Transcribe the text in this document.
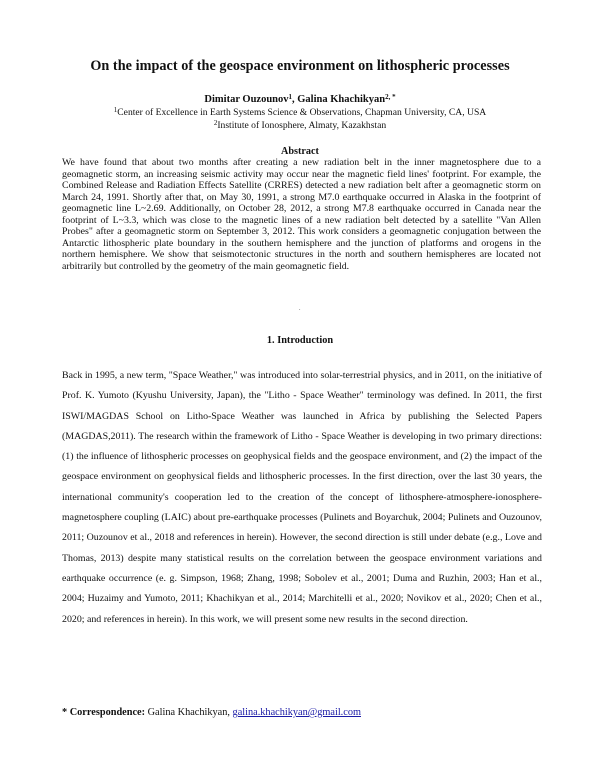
On the impact of the geospace environment on lithospheric processes
Dimitar Ouzounov$^1$, Galina Khachikyan$^{2, *}$
$^1$Center of Excellence in Earth Systems Science & Observations, Chapman University, CA, USA
$^2$Institute of Ionosphere, Almaty, Kazakhstan
Abstract

We have found that about two months after creating a new radiation belt in the inner magnetosphere due to a geomagnetic storm, an increasing seismic activity may occur near the magnetic field lines' footprint. For example, the Combined Release and Radiation Effects Satellite (CRRES) detected a new radiation belt after a geomagnetic storm on March 24, 1991. Shortly after that, on May 30, 1991, a strong M7.0 earthquake occurred in Alaska in the footprint of geomagnetic line L~2.69. Additionally, on October 28, 2012, a strong M7.8 earthquake occurred in Canada near the footprint of L~3.3, which was close to the magnetic lines of a new radiation belt detected by a satellite "Van Allen Probes" after a geomagnetic storm on September 3, 2012. This work considers a geomagnetic conjugation between the Antarctic lithospheric plate boundary in the southern hemisphere and the junction of platforms and orogens in the northern hemisphere. We show that seismotectonic structures in the north and southern hemispheres are located not arbitrarily but controlled by the geometry of the main geomagnetic field.

.
1. Introduction

Back in 1995, a new term, "Space Weather," was introduced into solar-terrestrial physics, and in 2011, on the initiative of Prof. K. Yumoto (Kyushu University, Japan), the "Litho - Space Weather" terminology was defined. In 2011, the first ISWI/MAGDAS School on Litho-Space Weather was launched in Africa by publishing the Selected Papers (MAGDAS,2011). The research within the framework of Litho - Space Weather is developing in two primary directions: (1) the influence of lithospheric processes on geophysical fields and the geospace environment, and (2) the impact of the geospace environment on geophysical fields and lithospheric processes. In the first direction, over the last 30 years, the international community's cooperation led to the creation of the concept of lithosphere-atmosphere-ionosphere-magnetosphere coupling (LAIC) about pre-earthquake processes (Pulinets and Boyarchuk, 2004; Pulinets and Ouzounov, 2011; Ouzounov et al., 2018 and references in herein). However, the second direction is still under debate (e.g., Love and Thomas, 2013) despite many statistical results on the correlation between the geospace environment variations and earthquake occurrence (e. g. Simpson, 1968; Zhang, 1998; Sobolev et al., 2001; Duma and Ruzhin, 2003; Han et al., 2004; Huzaimy and Yumoto, 2011; Khachikyan et al., 2014; Marchitelli et al., 2020; Novikov et al., 2020; Chen et al., 2020; and references in herein). In this work, we will present some new results in the second direction.

* Correspondence: Galina Khachikyan, galina.khachikyan@gmail.com
